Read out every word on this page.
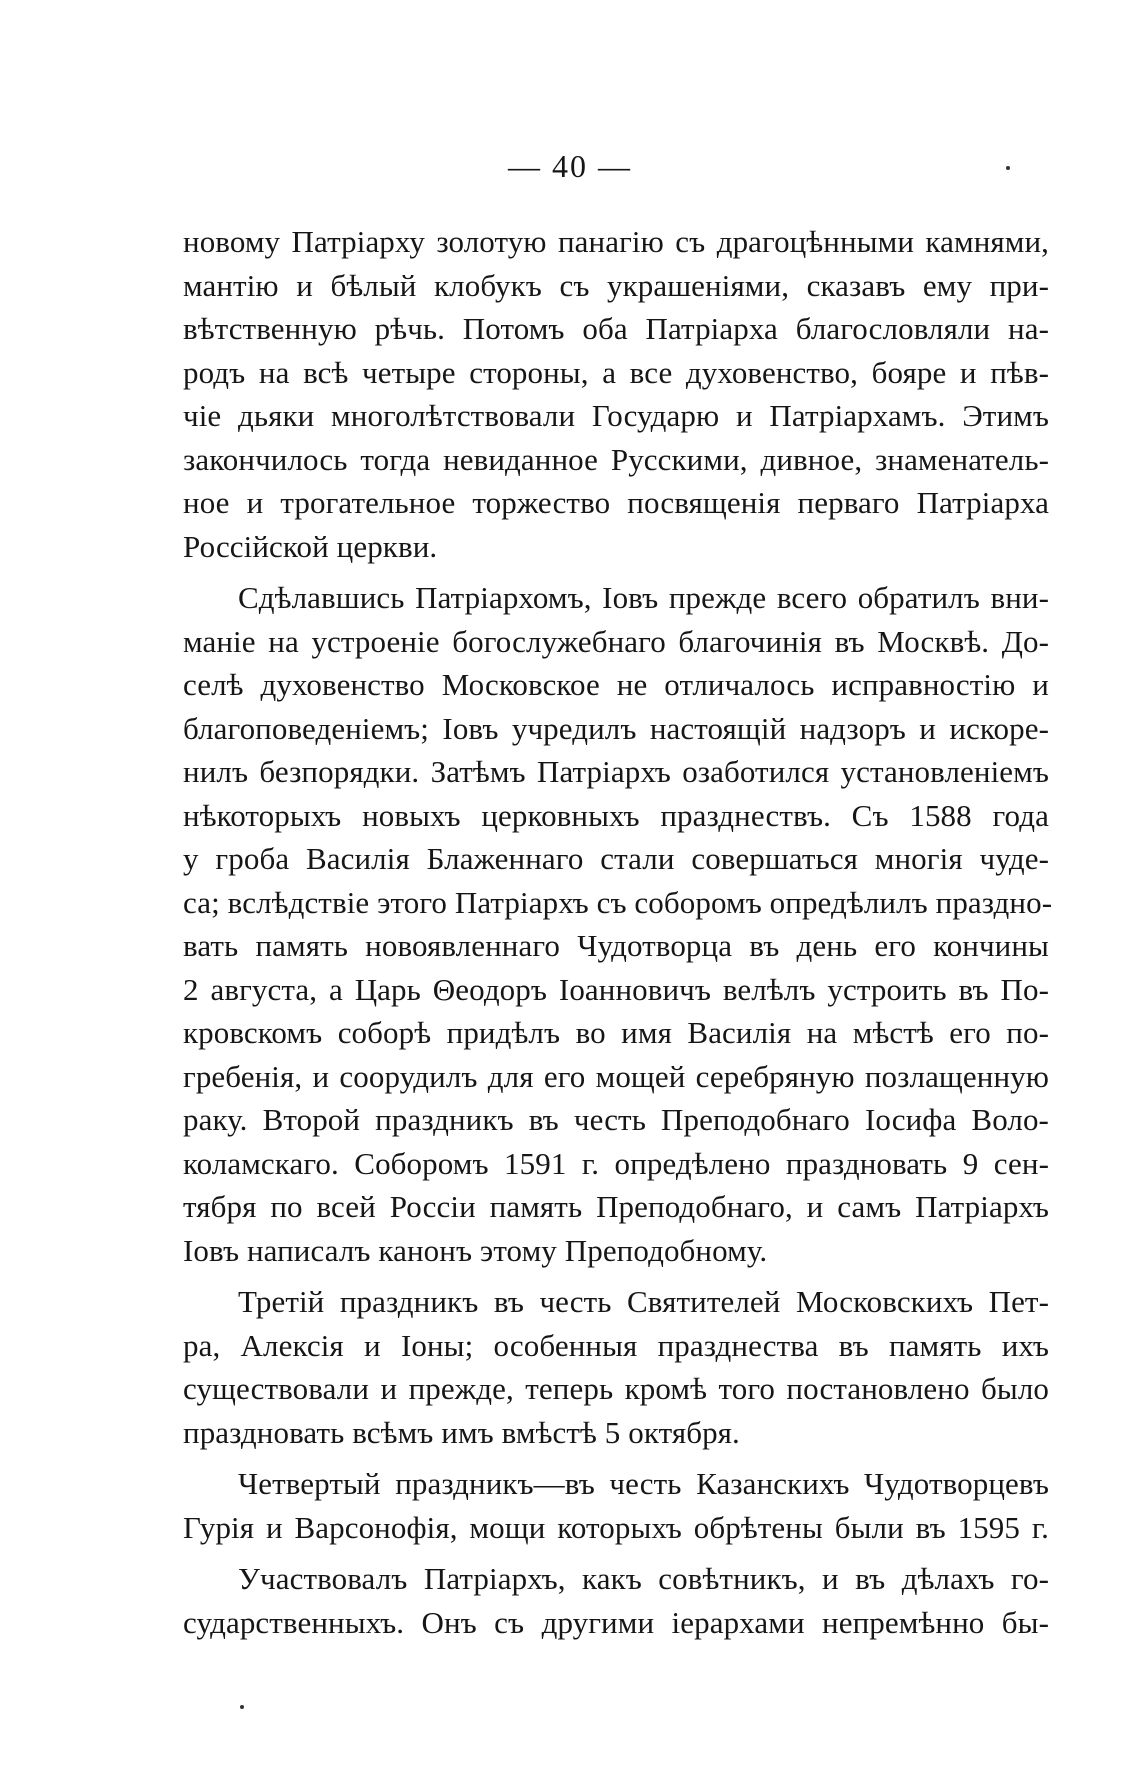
— 40 —
новому Патріарху золотую панагію съ драгоцѣнными камнями,
мантію и бѣлый клобукъ съ украшеніями, сказавъ ему при-
вѣтственную рѣчь. Потомъ оба Патріарха благословляли на-
родъ на всѣ четыре стороны, а все духовенство, бояре и пѣв-
чіе дьяки многолѣтствовали Государю и Патріархамъ. Этимъ
закончилось тогда невиданное Русскими, дивное, знаменатель-
ное и трогательное торжество посвященія перваго Патріарха
Россійской церкви.
Сдѣлавшись Патріархомъ, Іовъ прежде всего обратилъ вни-
маніе на устроеніе богослужебнаго благочинія въ Москвѣ. До-
селѣ духовенство Московское не отличалось исправностію и
благоповеденіемъ; Іовъ учредилъ настоящій надзоръ и искоре-
нилъ безпорядки. Затѣмъ Патріархъ озаботился установленіемъ
нѣкоторыхъ новыхъ церковныхъ празднествъ. Съ 1588 года
у гроба Василія Блаженнаго стали совершаться многія чуде-
са; вслѣдствіе этого Патріархъ съ соборомъ опредѣлилъ праздно-
вать память новоявленнаго Чудотворца въ день его кончины
2 августа, а Царь Θеодоръ Іоанновичъ велѣлъ устроить въ По-
кровскомъ соборѣ придѣлъ во имя Василія на мѣстѣ его по-
гребенія, и соорудилъ для его мощей серебряную позлащенную
раку. Второй праздникъ въ честь Преподобнаго Іосифа Воло-
коламскаго. Соборомъ 1591 г. опредѣлено праздновать 9 сен-
тября по всей Россіи память Преподобнаго, и самъ Патріархъ
Іовъ написалъ канонъ этому Преподобному.
Третій праздникъ въ честь Святителей Московскихъ Пет-
ра, Алексія и Іоны; особенныя празднества въ память ихъ
существовали и прежде, теперь кромѣ того постановлено было
праздновать всѣмъ имъ вмѣстѣ 5 октября.
Четвертый праздникъ—въ честь Казанскихъ Чудотворцевъ
Гурія и Варсонофія, мощи которыхъ обрѣтены были въ 1595 г.
Участвовалъ Патріархъ, какъ совѣтникъ, и въ дѣлахъ го-
сударственныхъ. Онъ съ другими іерархами непремѣнно бы-
